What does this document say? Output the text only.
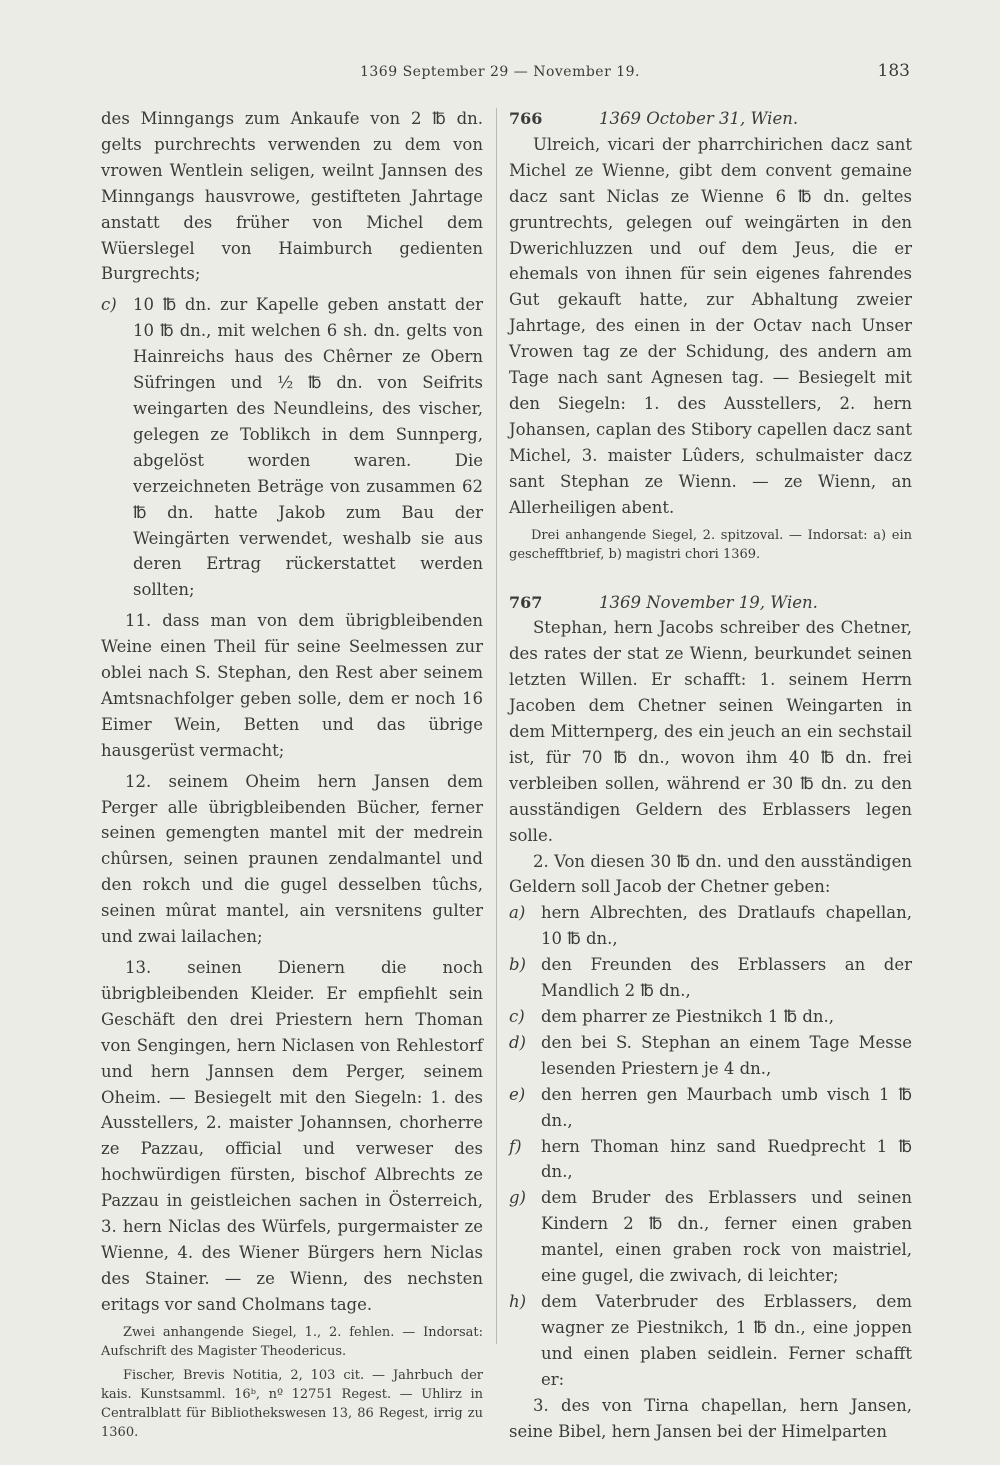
1369 September 29 — November 19.	183

des Minngangs zum Ankaufe von 2 ℔ dn. gelts purchrechts verwenden zu dem von vrowen Wentlein seligen, weilnt Jannsen des Minngangs hausvrowe, gestifteten Jahrtage anstatt des früher von Michel dem Wüerslegel von Haimburch gedienten Burgrechts;

c) 10 ℔ dn. zur Kapelle geben anstatt der 10 ℔ dn., mit welchen 6 sh. dn. gelts von Hainreichs haus des Chêrner ze Obern Süfringen und ½ ℔ dn. von Seifrits weingarten des Neundleins, des vischer, gelegen ze Toblikch in dem Sunnperg, abgelöst worden waren. Die verzeichneten Beträge von zusammen 62 ℔ dn. hatte Jakob zum Bau der Weingärten verwendet, weshalb sie aus deren Ertrag rückerstattet werden sollten;

11. dass man von dem übrigbleibenden Weine einen Theil für seine Seelmessen zur oblei nach S. Stephan, den Rest aber seinem Amtsnachfolger geben solle, dem er noch 16 Eimer Wein, Betten und das übrige hausgerüst vermacht;

12. seinem Oheim hern Jansen dem Perger alle übrigbleibenden Bücher, ferner seinen gemengten mantel mit der medrein chûrsen, seinen praunen zendalmantel und den rokch und die gugel desselben tûchs, seinen mûrat mantel, ain versnitens gulter und zwai lailachen;

13. seinen Dienern die noch übrigbleibenden Kleider. Er empfiehlt sein Geschäft den drei Priestern hern Thoman von Sengingen, hern Niclasen von Rehlestorf und hern Jannsen dem Perger, seinem Oheim. — Besiegelt mit den Siegeln: 1. des Ausstellers, 2. maister Johannsen, chorherre ze Pazzau, official und verweser des hochwürdigen fürsten, bischof Albrechts ze Pazzau in geistleichen sachen in Österreich, 3. hern Niclas des Würfels, purgermaister ze Wienne, 4. des Wiener Bürgers hern Niclas des Stainer. — ze Wienn, des nechsten eritags vor sand Cholmans tage.

Zwei anhangende Siegel, 1., 2. fehlen. — Indorsat: Aufschrift des Magister Theodericus.

Fischer, Brevis Notitia, 2, 103 cit. — Jahrbuch der kais. Kunstsamml. 16ᵇ, nº 12751 Regest. — Uhlirz in Centralblatt für Bibliothekswesen 13, 86 Regest, irrig zu 1360.

766	1369 October 31, Wien.

Ulreich, vicari der pharrchirichen dacz sant Michel ze Wienne, gibt dem convent gemaine dacz sant Niclas ze Wienne 6 ℔ dn. geltes gruntrechts, gelegen ouf weingärten in den Dwerichluzzen und ouf dem Jeus, die er ehemals von ihnen für sein eigenes fahrendes Gut gekauft hatte, zur Abhaltung zweier Jahrtage, des einen in der Octav nach Unser Vrowen tag ze der Schidung, des andern am Tage nach sant Agnesen tag. — Besiegelt mit den Siegeln: 1. des Ausstellers, 2. hern Johansen, caplan des Stibory capellen dacz sant Michel, 3. maister Lûders, schulmaister dacz sant Stephan ze Wienn. — ze Wienn, an Allerheiligen abent.

Drei anhangende Siegel, 2. spitzoval. — Indorsat: a) ein geschefftbrief, b) magistri chori 1369.

767	1369 November 19, Wien.

Stephan, hern Jacobs schreiber des Chetner, des rates der stat ze Wienn, beurkundet seinen letzten Willen. Er schafft: 1. seinem Herrn Jacoben dem Chetner seinen Weingarten in dem Mitternperg, des ein jeuch an ein sechstail ist, für 70 ℔ dn., wovon ihm 40 ℔ dn. frei verbleiben sollen, während er 30 ℔ dn. zu den ausständigen Geldern des Erblassers legen solle.

2. Von diesen 30 ℔ dn. und den ausständigen Geldern soll Jacob der Chetner geben:

a) hern Albrechten, des Dratlaufs chapellan, 10 ℔ dn.,

b) den Freunden des Erblassers an der Mandlich 2 ℔ dn.,

c) dem pharrer ze Piestnikch 1 ℔ dn.,

d) den bei S. Stephan an einem Tage Messe lesenden Priestern je 4 dn.,

e) den herren gen Maurbach umb visch 1 ℔ dn.,

f) hern Thoman hinz sand Ruedprecht 1 ℔ dn.,

g) dem Bruder des Erblassers und seinen Kindern 2 ℔ dn., ferner einen graben mantel, einen graben rock von maistriel, eine gugel, die zwivach, di leichter;

h) dem Vaterbruder des Erblassers, dem wagner ze Piestnikch, 1 ℔ dn., eine joppen und einen plaben seidlein. Ferner schafft er:

3. des von Tirna chapellan, hern Jansen, seine Bibel, hern Jansen bei der Himelparten
